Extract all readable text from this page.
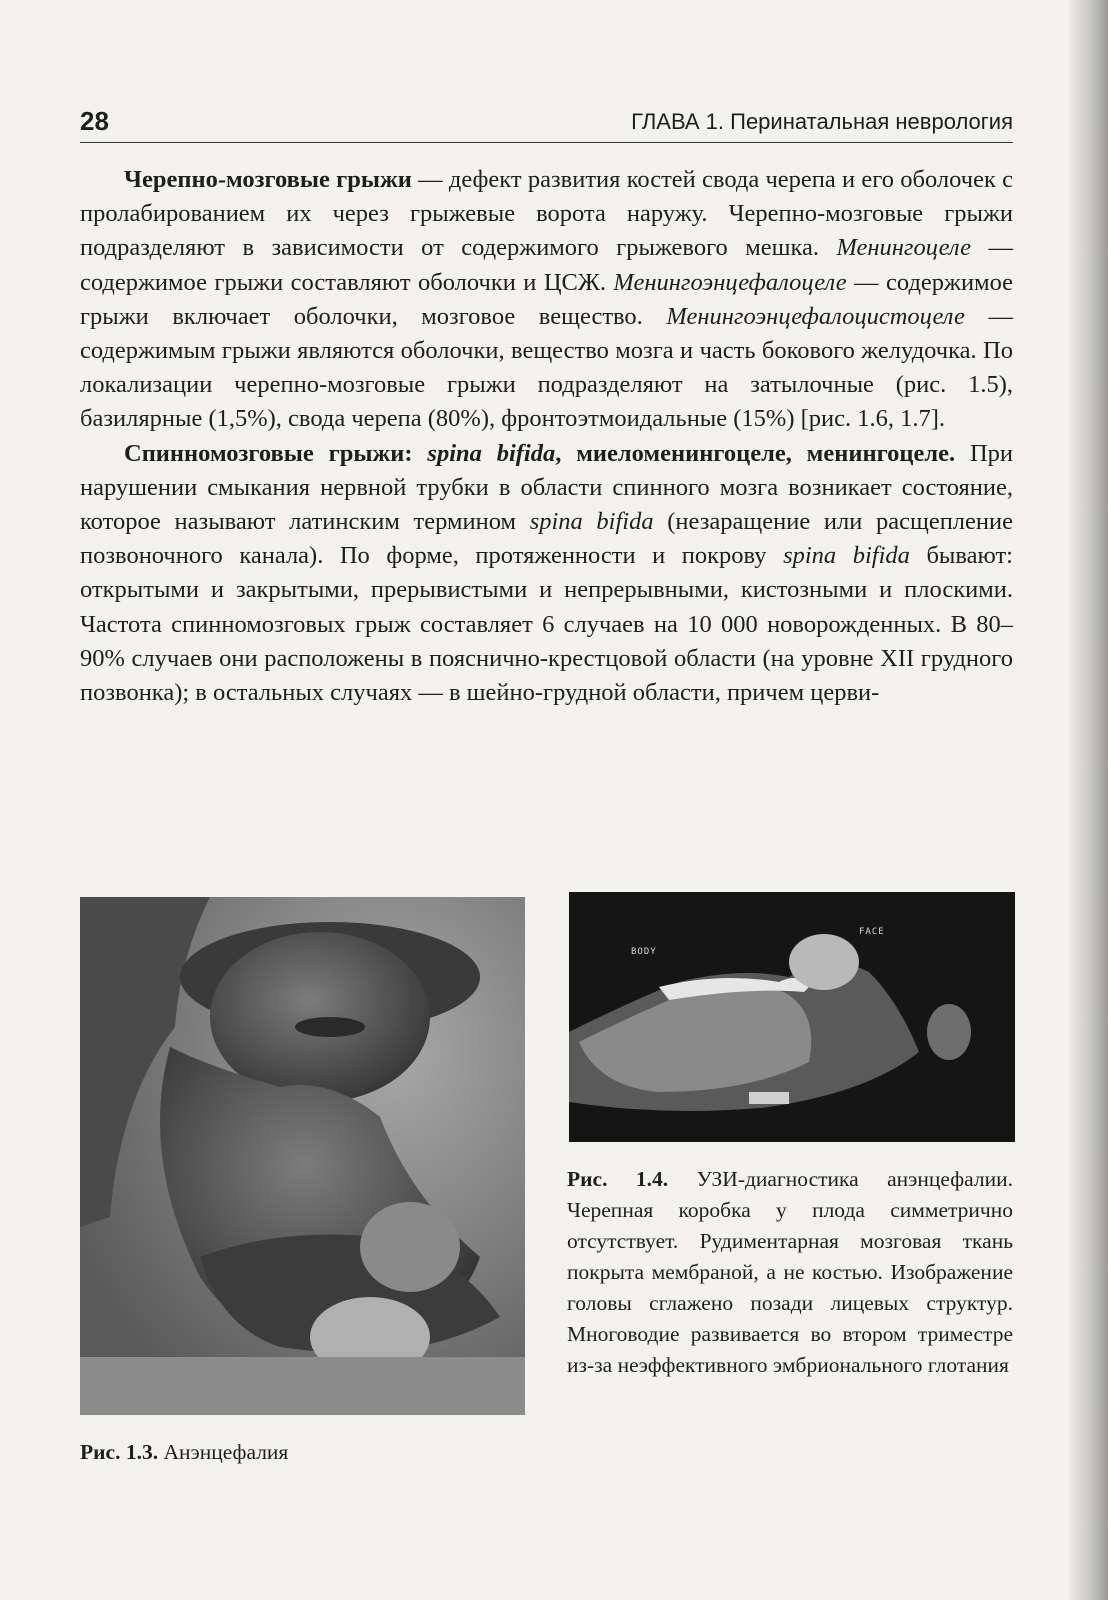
28	ГЛАВА 1. Перинатальная неврология

Черепно-мозговые грыжи — дефект развития костей свода черепа и его оболочек с пролабированием их через грыжевые ворота наружу. Черепно-мозговые грыжи подразделяют в зависимости от содержимого грыжевого мешка. Менингоцеле — содержимое грыжи составляют оболочки и ЦСЖ. Менингоэнцефалоцеле — содержимое грыжи включает оболочки, мозговое вещество. Менингоэнцефалоцистоцеле — содержимым грыжи являются оболочки, вещество мозга и часть бокового желудочка. По локализации черепно-мозговые грыжи подразделяют на затылочные (рис. 1.5), базилярные (1,5%), свода черепа (80%), фронтоэтмоидальные (15%) [рис. 1.6, 1.7].

Спинномозговые грыжи: spina bifida, миеломенингоцеле, менингоцеле. При нарушении смыкания нервной трубки в области спинного мозга возникает состояние, которое называют латинским термином spina bifida (незаращение или расщепление позвоночного канала). По форме, протяженности и покрову spina bifida бывают: открытыми и закрытыми, прерывистыми и непрерывными, кистозными и плоскими. Частота спинномозговых грыж составляет 6 случаев на 10 000 новорожденных. В 80–90% случаев они расположены в пояснично-крестцовой области (на уровне XII грудного позвонка); в остальных случаях — в шейно-грудной области, причем церви-

BODY
FACE
Рис. 1.4. УЗИ-диагностика анэнцефалии. Черепная коробка у плода симметрично отсутствует. Рудиментарная мозговая ткань покрыта мембраной, а не костью. Изображение головы сглажено позади лицевых структур. Многоводие развивается во втором триместре из-за неэффективного эмбрионального глотания
Рис. 1.3. Анэнцефалия
